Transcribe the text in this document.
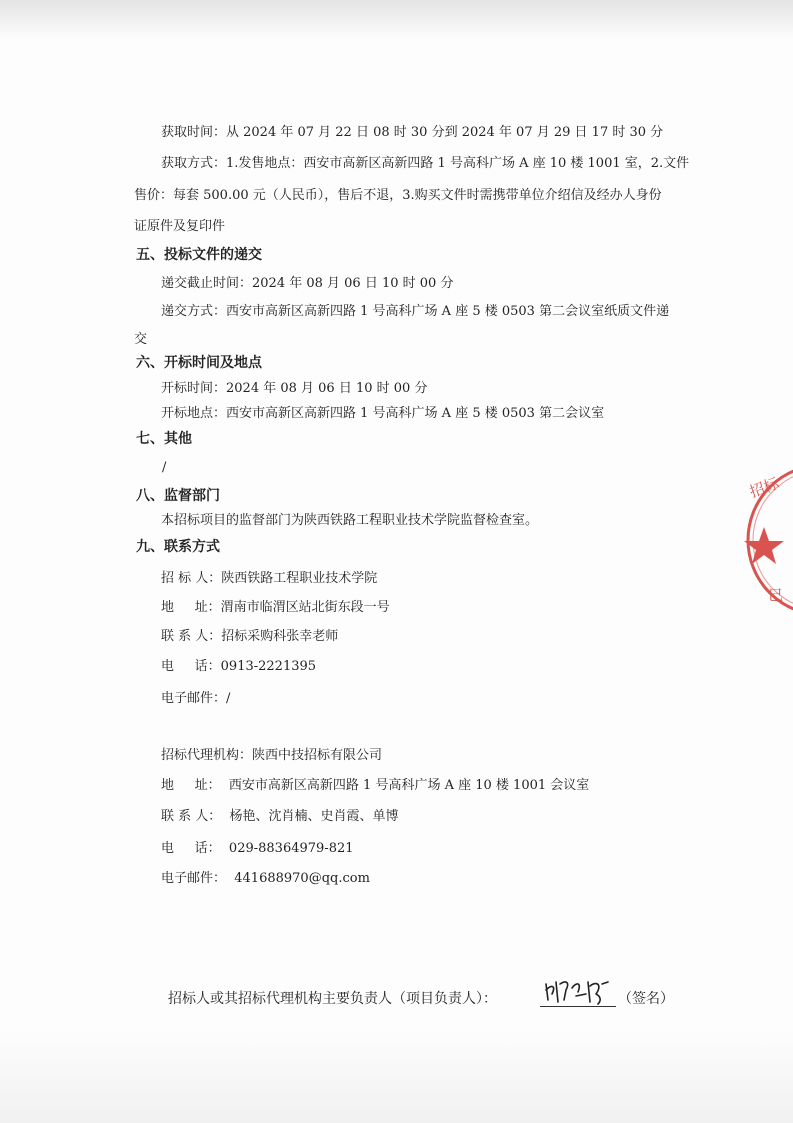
获取时间：从 2024 年 07 月 22 日 08 时 30 分到 2024 年 07 月 29 日 17 时 30 分
获取方式：1.发售地点：西安市高新区高新四路 1 号高科广场 A 座 10 楼 1001 室，2.文件
售价：每套 500.00 元（人民币），售后不退，3.购买文件时需携带单位介绍信及经办人身份
证原件及复印件
五、投标文件的递交
递交截止时间：2024 年 08 月 06 日 10 时 00 分
递交方式：西安市高新区高新四路 1 号高科广场 A 座 5 楼 0503 第二会议室纸质文件递
交
六、开标时间及地点
开标时间：2024 年 08 月 06 日 10 时 00 分
开标地点：西安市高新区高新四路 1 号高科广场 A 座 5 楼 0503 第二会议室
七、其他
/
八、监督部门
本招标项目的监督部门为陕西铁路工程职业技术学院监督检查室。
九、联系方式
招 标 人：陕西铁路工程职业技术学院
地     址：渭南市临渭区站北街东段一号
联 系 人：招标采购科张幸老师
电     话：0913-2221395
电子邮件：/
招标代理机构：陕西中技招标有限公司
地     址：  西安市高新区高新四路 1 号高科广场 A 座 10 楼 1001 会议室
联 系 人：  杨艳、沈肖楠、史肖霞、单博
电     话：  029-88364979-821
电子邮件：  441688970@qq.com
招标人或其招标代理机构主要负责人（项目负责人）：	（签名）
招标
巳
